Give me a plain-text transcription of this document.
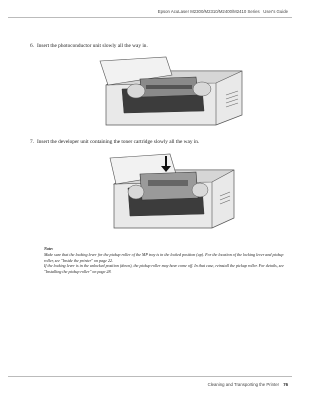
Epson AcuLaser M2300/M2310/M2400/M2410 Series User's Guide
6. Insert the photoconductor unit slowly all the way in.
7. Insert the developer unit containing the toner cartridge slowly all the way in.
Note:

Make sure that the locking lever for the pickup roller of the MP tray is in the locked position (up). For the location of the locking lever and pickup roller, see "Inside the printer" on page 22.

If the locking lever is in the unlocked position (down), the pickup roller may have come off. In that case, reinstall the pickup roller. For details, see "Installing the pickup roller" on page 28.

Cleaning and Transporting the Printer 76
